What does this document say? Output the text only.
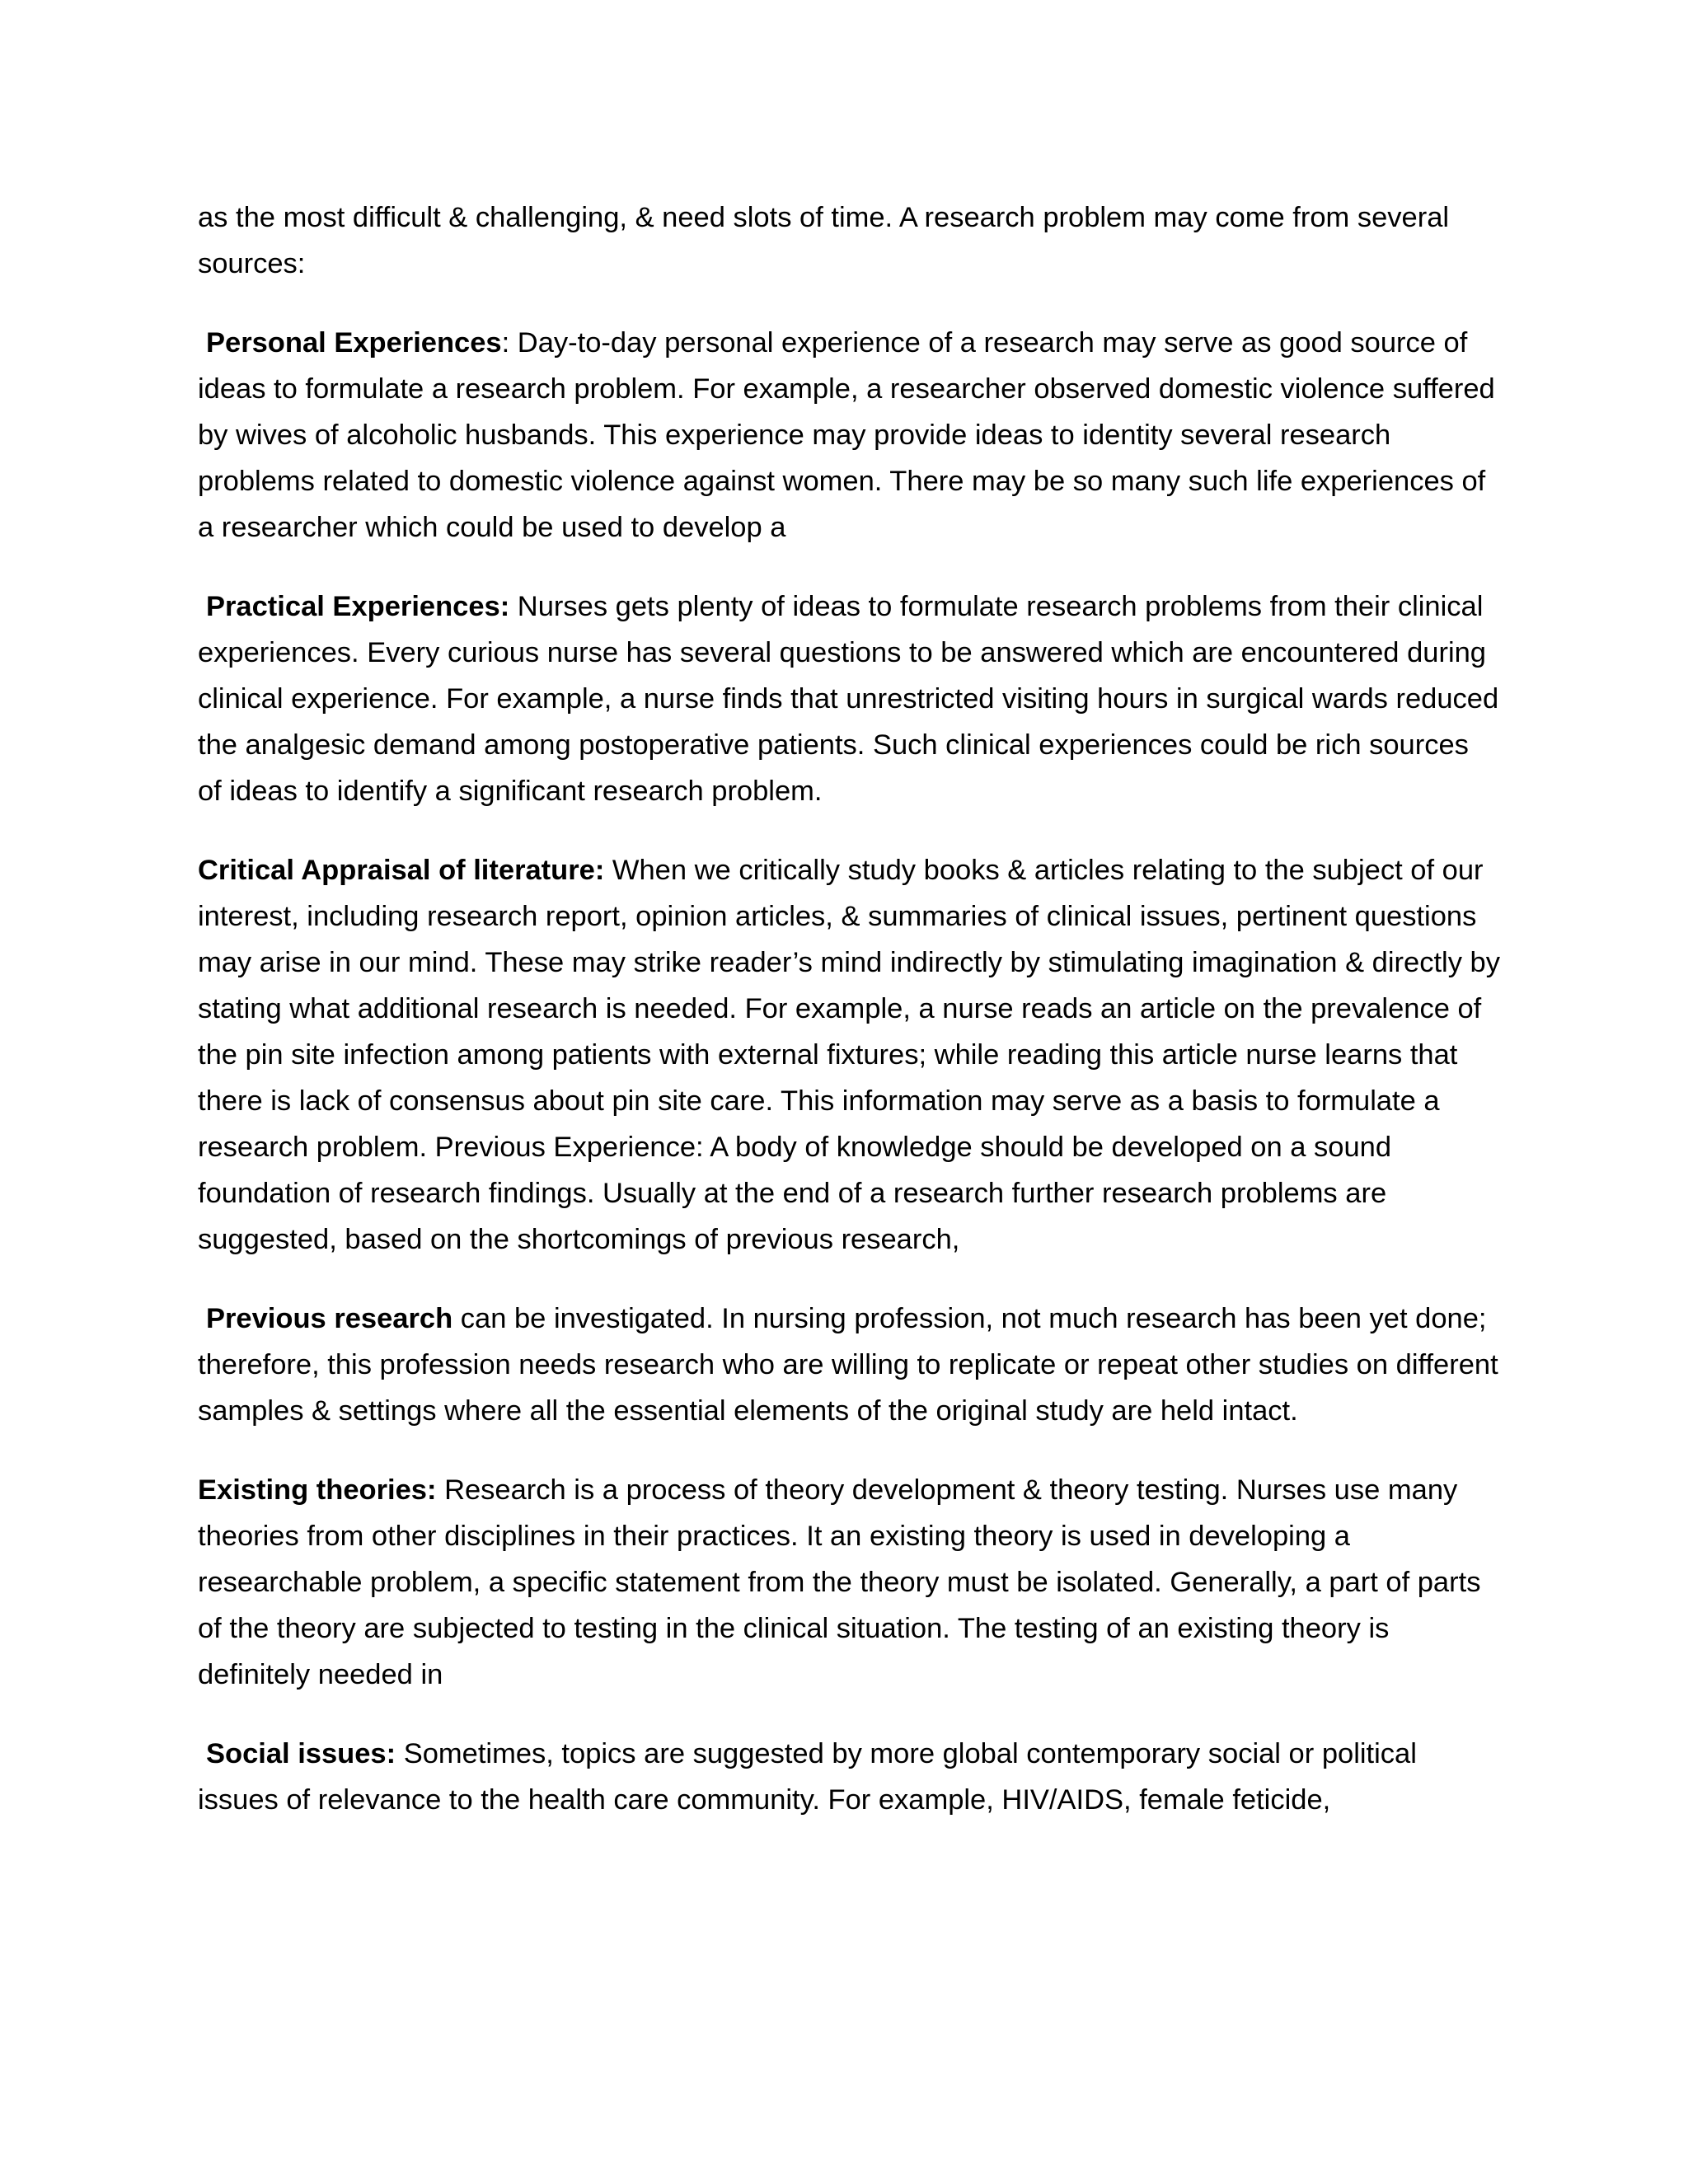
as the most difficult & challenging, & need slots of time. A research problem may come from several sources:

Personal Experiences: Day-to-day personal experience of a research may serve as good source of ideas to formulate a research problem. For example, a researcher observed domestic violence suffered by wives of alcoholic husbands. This experience may provide ideas to identity several research problems related to domestic violence against women. There may be so many such life experiences of a researcher which could be used to develop a

Practical Experiences: Nurses gets plenty of ideas to formulate research problems from their clinical experiences. Every curious nurse has several questions to be answered which are encountered during clinical experience. For example, a nurse finds that unrestricted visiting hours in surgical wards reduced the analgesic demand among postoperative patients. Such clinical experiences could be rich sources of ideas to identify a significant research problem.

Critical Appraisal of literature: When we critically study books & articles relating to the subject of our interest, including research report, opinion articles, & summaries of clinical issues, pertinent questions may arise in our mind. These may strike reader’s mind indirectly by stimulating imagination & directly by stating what additional research is needed. For example, a nurse reads an article on the prevalence of the pin site infection among patients with external fixtures; while reading this article nurse learns that there is lack of consensus about pin site care. This information may serve as a basis to formulate a research problem. Previous Experience: A body of knowledge should be developed on a sound foundation of research findings. Usually at the end of a research further research problems are suggested, based on the shortcomings of previous research,

Previous research can be investigated. In nursing profession, not much research has been yet done; therefore, this profession needs research who are willing to replicate or repeat other studies on different samples & settings where all the essential elements of the original study are held intact.

Existing theories: Research is a process of theory development & theory testing. Nurses use many theories from other disciplines in their practices. It an existing theory is used in developing a researchable problem, a specific statement from the theory must be isolated. Generally, a part of parts of the theory are subjected to testing in the clinical situation. The testing of an existing theory is definitely needed in

Social issues: Sometimes, topics are suggested by more global contemporary social or political issues of relevance to the health care community. For example, HIV/AIDS, female feticide,
